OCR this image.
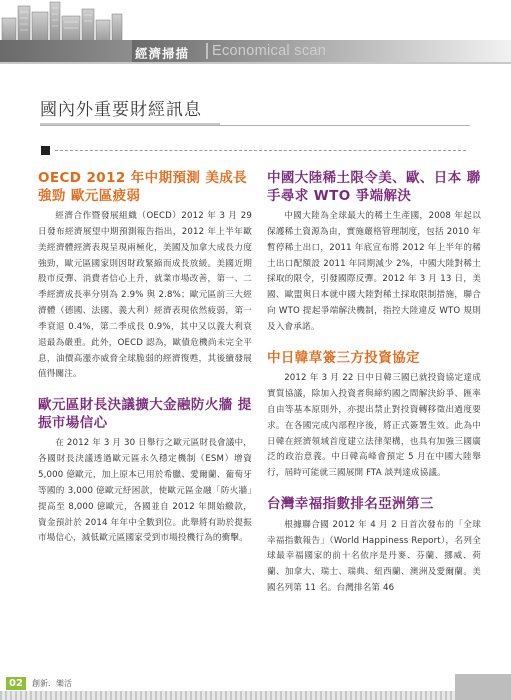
經濟掃描 Economical scan
國內外重要財經訊息
OECD 2012 年中期預測 美成長強勁 歐元區疲弱

經濟合作暨發展組織（OECD）2012 年 3 月 29 日發布經濟展望中期預測報告指出，2012 年上半年歐美經濟體經濟表現呈現兩極化，美國及加拿大成長力度強勁，歐元區國家則因財政緊縮而成長放緩。美國近期股市反彈、消費者信心上升，就業市場改善，第一、二季經濟成長率分別為 2.9% 與 2.8%；歐元區前三大經濟體（德國、法國、義大利）經濟表現依然疲弱，第一季衰退 0.4%，第二季成長 0.9%，其中又以義大利衰退最為嚴重。此外，OECD 認為，歐債危機尚未完全平息，油價高漲亦威脅全球脆弱的經濟復甦，其後續發展值得關注。

歐元區財長決議擴大金融防火牆 提振市場信心

在 2012 年 3 月 30 日舉行之歐元區財長會議中，各國財長決議透過歐元區永久穩定機制（ESM）增資 5,000 億歐元，加上原本已用於希臘、愛爾蘭、葡萄牙等國的 3,000 億歐元紓困款，使歐元區金融「防火牆」提高至 8,000 億歐元，各國並自 2012 年開始繳款，資金預計於 2014 年年中全數到位。此舉將有助於提振市場信心，減低歐元區國家受到市場投機行為的衝擊。

中國大陸稀土限令美、歐、日本 聯手尋求 WTO 爭端解決

中國大陸為全球最大的稀土生產國，2008 年起以保護稀土資源為由，實施嚴格管理制度，包括 2010 年暫停稀土出口，2011 年底宣布將 2012 年上半年的稀土出口配額設 2011 年同期減少 2%，中國大陸對稀土採取的限令，引發國際反彈。2012 年 3 月 13 日，美國、歐盟與日本就中國大陸對稀土採取限制措施，聯合向 WTO 提起爭端解決機制，指控大陸違反 WTO 規則及入會承諾。

中日韓草簽三方投資協定

2012 年 3 月 22 日中日韓三國已就投資協定達成實質協議，除加入投資者與締約國之間解決紛爭、匯率自由等基本原則外，亦提出禁止對投資轉移徵出過度要求。在各國完成內部程序後，將正式簽署生效。此為中日韓在經濟領域首度建立法律架構，也具有加強三國廣泛的政治意義。中日韓高峰會預定 5 月在中國大陸舉行，屆時可能就三國展開 FTA 談判達成協議。

台灣幸福指數排名亞洲第三

根據聯合國 2012 年 4 月 2 日首次發布的「全球幸福指數報告」（World Happiness Report），名列全球最幸福國家的前十名依序是丹麥、芬蘭、挪威、荷蘭、加拿大、瑞士、瑞典、紐西蘭、澳洲及愛爾蘭。美國名列第 11 名。台灣排名第 46

02	創新．樂活
